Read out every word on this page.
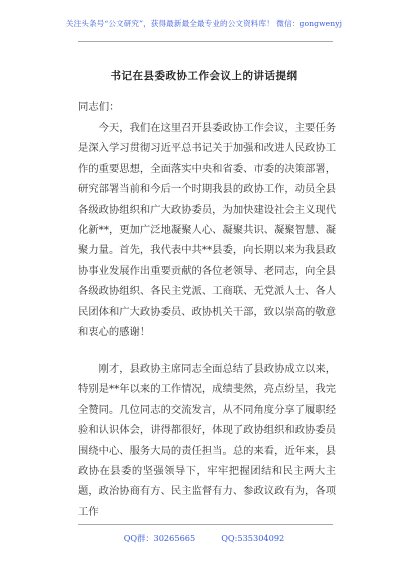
关注头条号“公文研究”，获得最新最全最专业的公文资料库！ 微信：gongwenyj
书记在县委政协工作会议上的讲话提纲
同志们：

今天，我们在这里召开县委政协工作会议，主要任务是深入学习贯彻习近平总书记关于加强和改进人民政协工作的重要思想，全面落实中央和省委、市委的决策部署，研究部署当前和今后一个时期我县的政协工作，动员全县各级政协组织和广大政协委员，为加快建设社会主义现代化新**，更加广泛地凝聚人心、凝聚共识、凝聚智慧、凝聚力量。首先，我代表中共**县委，向长期以来为我县政协事业发展作出重要贡献的各位老领导、老同志，向全县各级政协组织、各民主党派、工商联、无党派人士、各人民团体和广大政协委员、政协机关干部，致以崇高的敬意和衷心的感谢！

刚才，县政协主席同志全面总结了县政协成立以来，特别是**年以来的工作情况，成绩斐然，亮点纷呈，我完全赞同。几位同志的交流发言，从不同角度分享了履职经验和认识体会，讲得都很好，体现了政协组织和政协委员围绕中心、服务大局的责任担当。总的来看，近年来，县政协在县委的坚强领导下，牢牢把握团结和民主两大主题，政治协商有方、民主监督有力、参政议政有为，各项工作

QQ群：30265665	QQ:535304092
